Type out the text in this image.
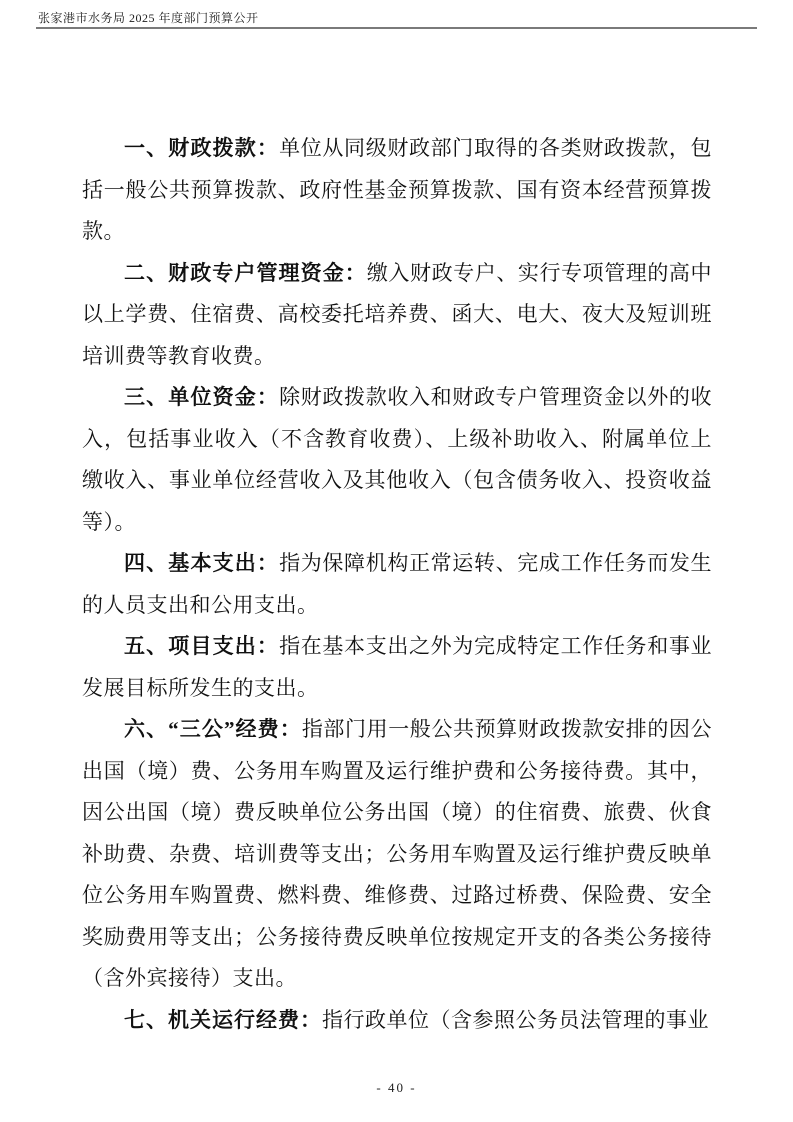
张家港市水务局 2025 年度部门预算公开

一、财政拨款：单位从同级财政部门取得的各类财政拨款，包括一般公共预算拨款、政府性基金预算拨款、国有资本经营预算拨款。

二、财政专户管理资金：缴入财政专户、实行专项管理的高中以上学费、住宿费、高校委托培养费、函大、电大、夜大及短训班培训费等教育收费。

三、单位资金：除财政拨款收入和财政专户管理资金以外的收入，包括事业收入（不含教育收费）、上级补助收入、附属单位上缴收入、事业单位经营收入及其他收入（包含债务收入、投资收益等）。

四、基本支出：指为保障机构正常运转、完成工作任务而发生的人员支出和公用支出。

五、项目支出：指在基本支出之外为完成特定工作任务和事业发展目标所发生的支出。

六、“三公”经费：指部门用一般公共预算财政拨款安排的因公出国（境）费、公务用车购置及运行维护费和公务接待费。其中，因公出国（境）费反映单位公务出国（境）的住宿费、旅费、伙食补助费、杂费、培训费等支出；公务用车购置及运行维护费反映单位公务用车购置费、燃料费、维修费、过路过桥费、保险费、安全奖励费用等支出；公务接待费反映单位按规定开支的各类公务接待（含外宾接待）支出。

七、机关运行经费：指行政单位（含参照公务员法管理的事业

- 40 -
